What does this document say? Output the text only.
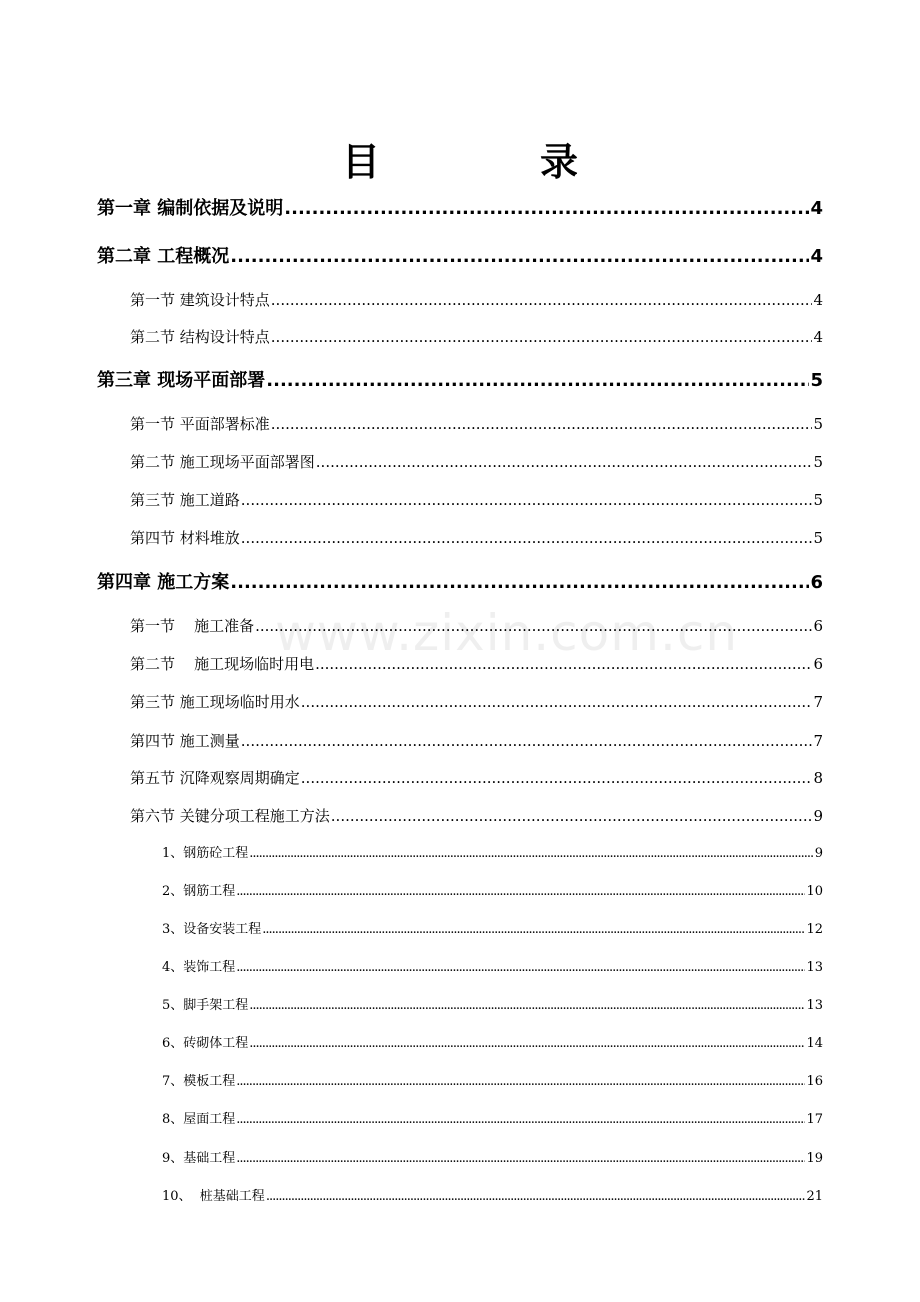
目	录
www.zixin.com.cn
第一章 编制依据及说明 .....	4
第二章 工程概况 .....	4
第一节 建筑设计特点 .....	4
第二节 结构设计特点 .....	4
第三章 现场平面部署 .....	5
第一节 平面部署标准 .....	5
第二节 施工现场平面部署图 .....	5
第三节 施工道路 .....	5
第四节 材料堆放 .....	5
第四章 施工方案 .....	6
第一节    施工准备 .....	6
第二节    施工现场临时用电 .....	6
第三节 施工现场临时用水 .....	7
第四节 施工测量 .....	7
第五节 沉降观察周期确定 .....	8
第六节 关键分项工程施工方法 .....	9
1、钢筋砼工程 .....	9
2、钢筋工程 .....	10
3、设备安装工程 .....	12
4、装饰工程 .....	13
5、脚手架工程 .....	13
6、砖砌体工程 .....	14
7、模板工程 .....	16
8、屋面工程 .....	17
9、基础工程 .....	19
10、  桩基础工程 .....	21
